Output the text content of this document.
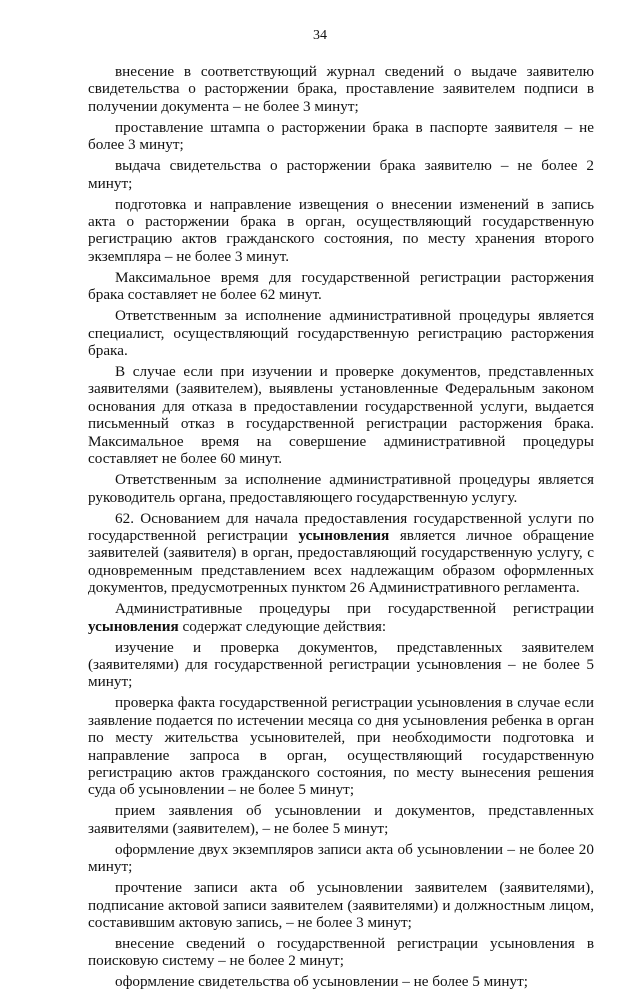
34

внесение в соответствующий журнал сведений о выдаче заявителю свидетельства о расторжении брака, проставление заявителем подписи в получении документа – не более 3 минут;

проставление штампа о расторжении брака в паспорте заявителя – не более 3 минут;

выдача свидетельства о расторжении брака заявителю – не более 2 минут;

подготовка и направление извещения о внесении изменений в запись акта о расторжении брака в орган, осуществляющий государственную регистрацию актов гражданского состояния, по месту хранения второго экземпляра – не более 3 минут.

Максимальное время для государственной регистрации расторжения брака составляет не более 62 минут.

Ответственным за исполнение административной процедуры является специалист, осуществляющий государственную регистрацию расторжения брака.

В случае если при изучении и проверке документов, представленных заявителями (заявителем), выявлены установленные Федеральным законом основания для отказа в предоставлении государственной услуги, выдается письменный отказ в государственной регистрации расторжения брака. Максимальное время на совершение административной процедуры составляет не более 60 минут.

Ответственным за исполнение административной процедуры является руководитель органа, предоставляющего государственную услугу.

62. Основанием для начала предоставления государственной услуги по государственной регистрации усыновления является личное обращение заявителей (заявителя) в орган, предоставляющий государственную услугу, с одновременным представлением всех надлежащим образом оформленных документов, предусмотренных пунктом 26 Административного регламента.

Административные процедуры при государственной регистрации усыновления содержат следующие действия:

изучение и проверка документов, представленных заявителем (заявителями) для государственной регистрации усыновления – не более 5 минут;

проверка факта государственной регистрации усыновления в случае если заявление подается по истечении месяца со дня усыновления ребенка в орган по месту жительства усыновителей, при необходимости подготовка и направление запроса в орган, осуществляющий государственную регистрацию актов гражданского состояния, по месту вынесения решения суда об усыновлении – не более 5 минут;

прием заявления об усыновлении и документов, представленных заявителями (заявителем), – не более 5 минут;

оформление двух экземпляров записи акта об усыновлении – не более 20 минут;

прочтение записи акта об усыновлении заявителем (заявителями), подписание актовой записи заявителем (заявителями) и должностным лицом, составившим актовую запись, – не более 3 минут;

внесение сведений о государственной регистрации усыновления в поисковую систему – не более 2 минут;

оформление свидетельства об усыновлении – не более 5 минут;
